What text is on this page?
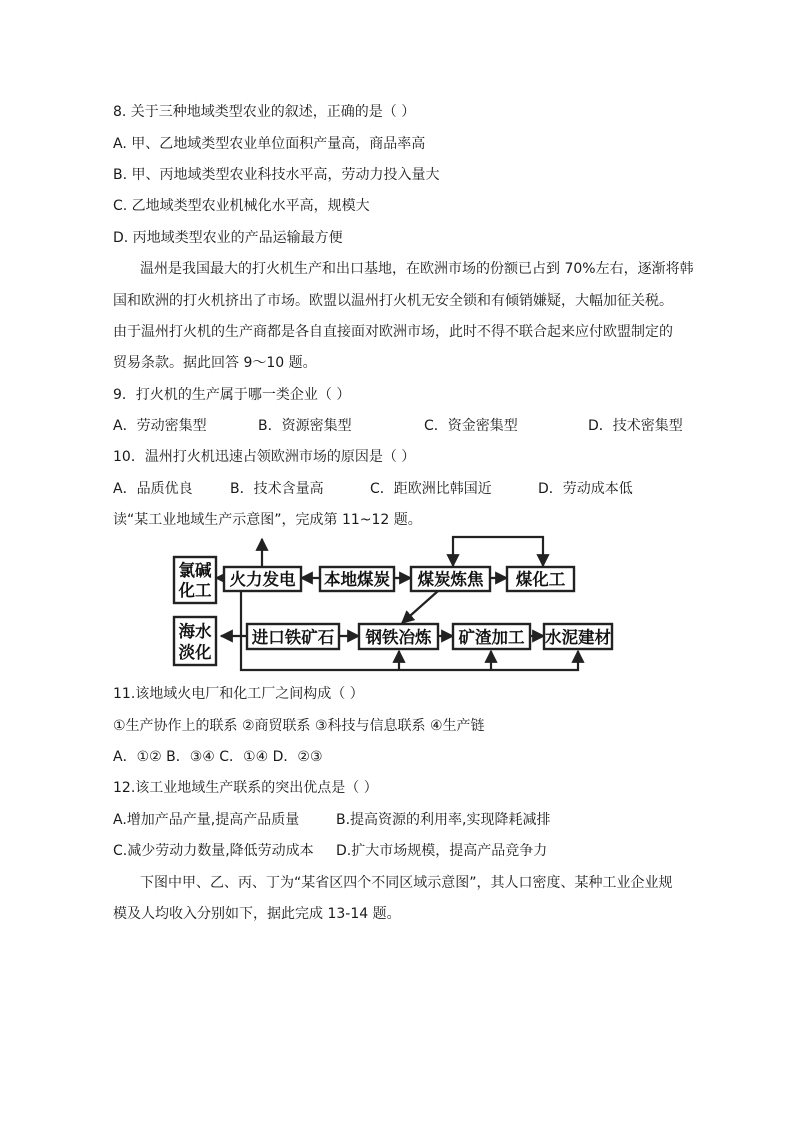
8. 关于三种地域类型农业的叙述，正确的是（ ）
A. 甲、乙地域类型农业单位面积产量高，商品率高
B. 甲、丙地域类型农业科技水平高，劳动力投入量大
C. 乙地域类型农业机械化水平高，规模大
D. 丙地域类型农业的产品运输最方便
温州是我国最大的打火机生产和出口基地，在欧洲市场的份额已占到 70%左右，逐渐将韩
国和欧洲的打火机挤出了市场。欧盟以温州打火机无安全锁和有倾销嫌疑，大幅加征关税。
由于温州打火机的生产商都是各自直接面对欧洲市场，此时不得不联合起来应付欧盟制定的
贸易条款。据此回答 9～10 题。
9．打火机的生产属于哪一类企业（ ）
A．劳动密集型	B．资源密集型	C．资金密集型	D．技术密集型
10．温州打火机迅速占领欧洲市场的原因是（ ）
A．品质优良	B．技术含量高	C．距欧洲比韩国近	D．劳动成本低
读“某工业地域生产示意图”，完成第 11~12 题。
氯碱
化工
海水
淡化
火力发电 本地煤炭 煤炭炼焦 煤化工
进口铁矿石 钢铁冶炼 矿渣加工 水泥建材
11.该地域火电厂和化工厂之间构成（ ）
①生产协作上的联系 ②商贸联系 ③科技与信息联系 ④生产链
A．①② B．③④ C．①④ D．②③
12.该工业地域生产联系的突出优点是（ ）
A.增加产品产量,提高产品质量	B.提高资源的利用率,实现降耗减排
C.减少劳动力数量,降低劳动成本 D.扩大市场规模，提高产品竞争力
下图中甲、乙、丙、丁为“某省区四个不同区域示意图”，其人口密度、某种工业企业规
模及人均收入分别如下，据此完成 13-14 题。
